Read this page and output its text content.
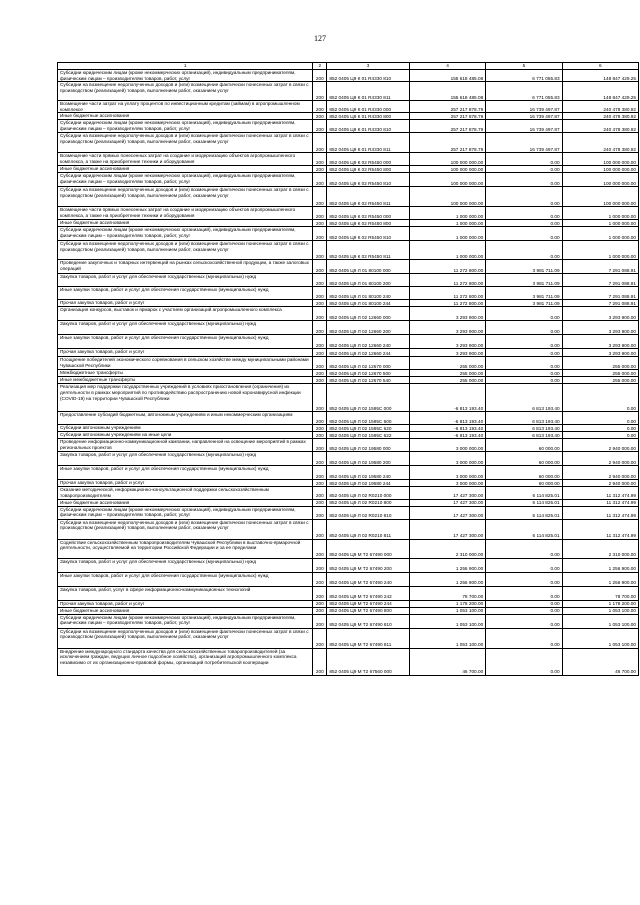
127
1	2	3	4	5	6
Субсидии юридическим лицам (кроме некоммерческих организаций), индивидуальным предпринимателям, физическим лицам – производителям товаров, работ, услуг	200	852 0405 Ц9 К 01 R4330 810	155 618 485.08	6 771 055.83	148 847 429.25
Субсидии на возмещение недополученных доходов и (или) возмещение фактически понесенных затрат в связи с производством (реализацией) товаров, выполнением работ, оказанием услуг	200	852 0405 Ц9 К 01 R4330 811	155 618 485.08	6 771 055.83	148 847 429.25
Возмещение части затрат на уплату процентов по инвестиционным кредитам (займам) в агропромышленном комплексе	200	852 0405 Ц9 К 01 R4330 000	257 217 878.79	16 739 497.87	240 478 380.92
Иные бюджетные ассигнования	200	852 0405 Ц9 К 01 R4330 800	257 217 878.79	16 739 497.87	240 478 380.92
Субсидии юридическим лицам (кроме некоммерческих организаций), индивидуальным предпринимателям, физическим лицам – производителям товаров, работ, услуг	200	852 0405 Ц9 К 01 R4330 810	257 217 878.79	16 739 497.87	240 478 380.92
Субсидии на возмещение недополученных доходов и (или) возмещение фактически понесенных затрат в связи с производством (реализацией) товаров, выполнением работ, оказанием услуг	200	852 0405 Ц9 К 01 R4330 811	257 217 878.79	16 739 497.87	240 478 380.92
Возмещение части прямых понесенных затрат на создание и модернизацию объектов агропромышленного комплекса, а также на приобретение техники и оборудования	200	852 0405 Ц9 К 02 R5450 000	100 000 000.00	0.00	100 000 000.00
Иные бюджетные ассигнования	200	852 0405 Ц9 К 02 R5450 800	100 000 000.00	0.00	100 000 000.00
Субсидии юридическим лицам (кроме некоммерческих организаций), индивидуальным предпринимателям, физическим лицам – производителям товаров, работ, услуг	200	852 0405 Ц9 К 02 R5450 810	100 000 000.00	0.00	100 000 000.00
Субсидии на возмещение недополученных доходов и (или) возмещение фактически понесенных затрат в связи с производством (реализацией) товаров, выполнением работ, оказанием услуг	200	852 0405 Ц9 К 02 R5450 811	100 000 000.00	0.00	100 000 000.00
Возмещение части прямых понесенных затрат на создание и модернизацию объектов агропромышленного комплекса, а также на приобретение техники и оборудования	200	852 0405 Ц9 К 02 R5450 000	1 000 000.00	0.00	1 000 000.00
Иные бюджетные ассигнования	200	852 0405 Ц9 К 02 R5450 800	1 000 000.00	0.00	1 000 000.00
Субсидии юридическим лицам (кроме некоммерческих организаций), индивидуальным предпринимателям, физическим лицам – производителям товаров, работ, услуг	200	852 0405 Ц9 К 02 R5450 810	1 000 000.00	0.00	1 000 000.00
Субсидии на возмещение недополученных доходов и (или) возмещение фактически понесенных затрат в связи с производством (реализацией) товаров, выполнением работ, оказанием услуг	200	852 0405 Ц9 К 02 R5450 811	1 000 000.00	0.00	1 000 000.00
Проведение закупочных и товарных интервенций на рынках сельскохозяйственной продукции, а также залоговых операций	200	852 0405 Ц9 Л 01 80100 000	11 272 800.00	3 981 711.09	7 291 088.91
Закупка товаров, работ и услуг для обеспечения государственных (муниципальных) нужд	200	852 0405 Ц9 Л 01 80100 200	11 272 800.00	3 981 711.09	7 291 088.91
Иные закупки товаров, работ и услуг для обеспечения государственных (муниципальных) нужд	200	852 0405 Ц9 Л 01 80100 240	11 272 800.00	3 981 711.09	7 291 088.91
Прочая закупка товаров, работ и услуг	200	852 0405 Ц9 Л 01 80100 244	11 272 800.00	3 981 711.09	7 291 088.91
Организация конкурсов, выставок и ярмарок с участием организаций агропромышленного комплекса	200	852 0405 Ц9 Л 02 12660 000	3 293 900.00	0.00	3 293 900.00
Закупка товаров, работ и услуг для обеспечения государственных (муниципальных) нужд	200	852 0405 Ц9 Л 02 12660 200	3 293 900.00	0.00	3 293 900.00
Иные закупки товаров, работ и услуг для обеспечения государственных (муниципальных) нужд	200	852 0405 Ц9 Л 02 12660 240	3 293 900.00	0.00	3 293 900.00
Прочая закупка товаров, работ и услуг	200	852 0405 Ц9 Л 02 12660 244	3 293 900.00	0.00	3 293 900.00
Поощрение победителей экономического соревнования в сельском хозяйстве между муниципальными районами Чувашской Республики	200	852 0405 Ц9 Л 02 12670 000	255 000.00	0.00	255 000.00
Межбюджетные трансферты	200	852 0405 Ц9 Л 02 12670 500	255 000.00	0.00	255 000.00
Иные межбюджетные трансферты	200	852 0405 Ц9 Л 02 12670 540	255 000.00	0.00	255 000.00
Реализация мер поддержки государственных учреждений в условиях приостановления (ограничения) их деятельности в рамках мероприятий по противодействию распространению новой коронавирусной инфекции (COVID-19) на территории Чувашской Республики	200	852 0405 Ц9 Л 02 1595С 000	-6 813 193.40	6 813 193.40	0.00
Предоставление субсидий бюджетным, автономным учреждениям и иным некоммерческим организациям	200	852 0405 Ц9 Л 02 1595С 600	-6 813 193.40	6 813 193.40	0.00
Субсидии автономным учреждениям	200	852 0405 Ц9 Л 02 1595С 620	-6 813 193.40	6 813 193.40	0.00
Субсидии автономным учреждениям на иные цели	200	852 0405 Ц9 Л 02 1595С 622	-6 813 193.40	6 813 193.40	0.00
Проведение информационно-коммуникационной кампании, направленной на освещение мероприятий в рамках региональных проектов	200	852 0405 Ц9 Л 02 19580 000	3 000 000.00	60 000.00	2 940 000.00
Закупка товаров, работ и услуг для обеспечения государственных (муниципальных) нужд	200	852 0405 Ц9 Л 02 19580 200	3 000 000.00	60 000.00	2 940 000.00
Иные закупки товаров, работ и услуг для обеспечения государственных (муниципальных) нужд	200	852 0405 Ц9 Л 02 19580 240	3 000 000.00	60 000.00	2 940 000.00
Прочая закупка товаров, работ и услуг	200	852 0405 Ц9 Л 02 19580 244	3 000 000.00	60 000.00	2 940 000.00
Оказание методической, информационно-консультационной поддержки сельскохозяйственным товаропроизводителям	200	852 0405 Ц9 Л 02 R0210 000	17 427 300.00	6 114 825.01	11 312 474.99
Иные бюджетные ассигнования	200	852 0405 Ц9 Л 02 R0210 800	17 427 300.00	6 114 825.01	11 312 474.99
Субсидии юридическим лицам (кроме некоммерческих организаций), индивидуальным предпринимателям, физическим лицам – производителям товаров, работ, услуг	200	852 0405 Ц9 Л 02 R0210 810	17 427 300.00	6 114 825.01	11 312 474.99
Субсидии на возмещение недополученных доходов и (или) возмещение фактически понесенных затрат в связи с производством (реализацией) товаров, выполнением работ, оказанием услуг	200	852 0405 Ц9 Л 02 R0210 811	17 427 300.00	6 114 825.01	11 312 474.99
Содействие сельскохозяйственным товаропроизводителям Чувашской Республики в выставочно-ярмарочной деятельности, осуществляемой на территории Российской Федерации и за ее пределами	200	852 0405 Ц9 М Т2 67490 000	2 310 000.00	0.00	2 310 000.00
Закупка товаров, работ и услуг для обеспечения государственных (муниципальных) нужд	200	852 0405 Ц9 М Т2 67490 200	1 256 900.00	0.00	1 256 900.00
Иные закупки товаров, работ и услуг для обеспечения государственных (муниципальных) нужд	200	852 0405 Ц9 М Т2 67490 240	1 256 900.00	0.00	1 256 900.00
Закупка товаров, работ, услуг в сфере информационно-коммуникационных технологий	200	852 0405 Ц9 М Т2 67490 242	78 700.00	0.00	78 700.00
Прочая закупка товаров, работ и услуг	200	852 0405 Ц9 М Т2 67490 244	1 178 200.00	0.00	1 178 200.00
Иные бюджетные ассигнования	200	852 0405 Ц9 М Т2 67490 800	1 053 100.00	0.00	1 053 100.00
Субсидии юридическим лицам (кроме некоммерческих организаций), индивидуальным предпринимателям, физическим лицам – производителям товаров, работ, услуг	200	852 0405 Ц9 М Т2 67490 810	1 053 100.00	0.00	1 053 100.00
Субсидии на возмещение недополученных доходов и (или) возмещение фактически понесенных затрат в связи с производством (реализацией) товаров, выполнением работ, оказанием услуг	200	852 0405 Ц9 М Т2 67490 811	1 053 100.00	0.00	1 053 100.00
Внедрение международного стандарта качества для сельскохозяйственных товаропроизводителей (за исключением граждан, ведущих личное подсобное хозяйство), организаций агропромышленного комплекса независимо от их организационно-правовой формы, организаций потребительской кооперации	200	852 0405 Ц9 М Т2 67560 000	46 700.00	0.00	46 700.00
